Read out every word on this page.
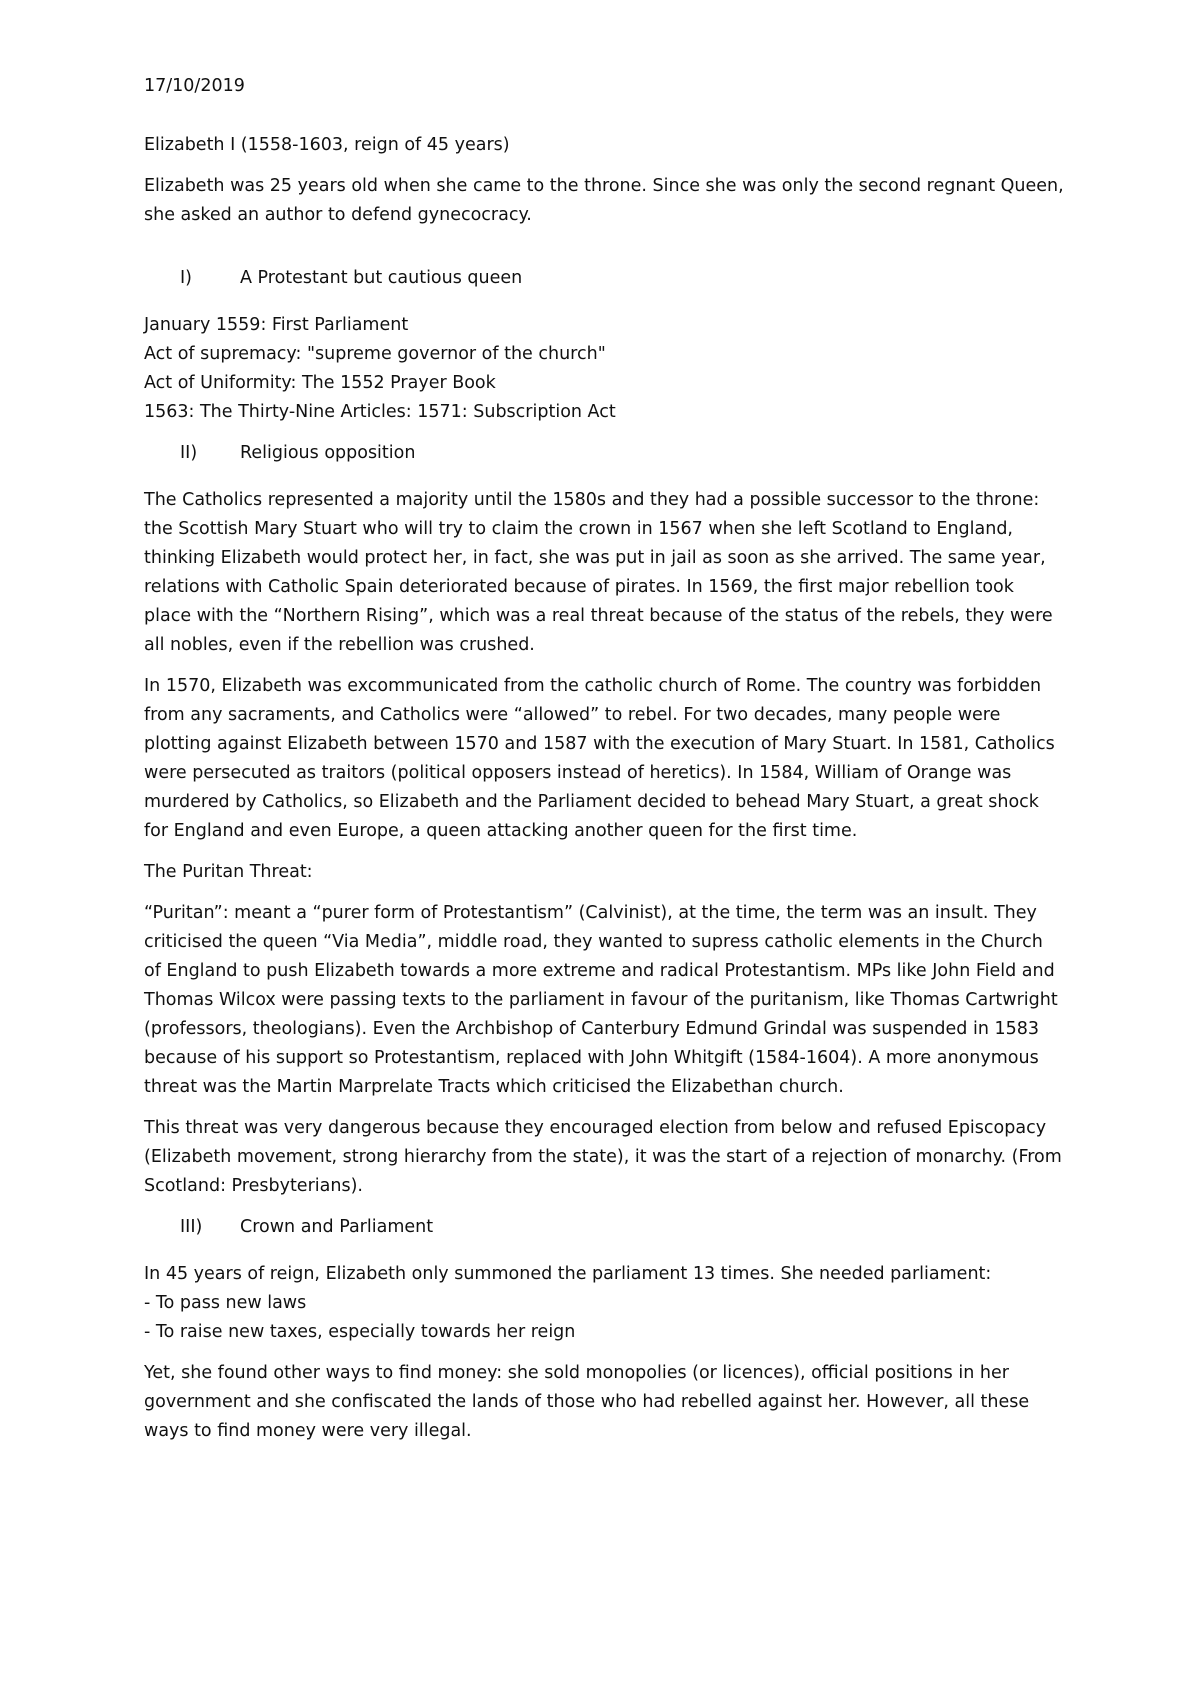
17/10/2019
Elizabeth I (1558-1603, reign of 45 years)

Elizabeth was 25 years old when she came to the throne. Since she was only the second regnant Queen, she asked an author to defend gynecocracy.

I)	A Protestant but cautious queen
January 1559: First Parliament
Act of supremacy: "supreme governor of the church"
Act of Uniformity: The 1552 Prayer Book
1563: The Thirty-Nine Articles: 1571: Subscription Act
II)	Religious opposition

The Catholics represented a majority until the 1580s and they had a possible successor to the throne: the Scottish Mary Stuart who will try to claim the crown in 1567 when she left Scotland to England, thinking Elizabeth would protect her, in fact, she was put in jail as soon as she arrived. The same year, relations with Catholic Spain deteriorated because of pirates. In 1569, the first major rebellion took place with the “Northern Rising”, which was a real threat because of the status of the rebels, they were all nobles, even if the rebellion was crushed.

In 1570, Elizabeth was excommunicated from the catholic church of Rome. The country was forbidden from any sacraments, and Catholics were “allowed” to rebel. For two decades, many people were plotting against Elizabeth between 1570 and 1587 with the execution of Mary Stuart. In 1581, Catholics were persecuted as traitors (political opposers instead of heretics). In 1584, William of Orange was murdered by Catholics, so Elizabeth and the Parliament decided to behead Mary Stuart, a great shock for England and even Europe, a queen attacking another queen for the first time.

The Puritan Threat:

“Puritan”: meant a “purer form of Protestantism” (Calvinist), at the time, the term was an insult. They criticised the queen “Via Media”, middle road, they wanted to supress catholic elements in the Church of England to push Elizabeth towards a more extreme and radical Protestantism. MPs like John Field and Thomas Wilcox were passing texts to the parliament in favour of the puritanism, like Thomas Cartwright (professors, theologians). Even the Archbishop of Canterbury Edmund Grindal was suspended in 1583 because of his support so Protestantism, replaced with John Whitgift (1584-1604). A more anonymous threat was the Martin Marprelate Tracts which criticised the Elizabethan church.

This threat was very dangerous because they encouraged election from below and refused Episcopacy (Elizabeth movement, strong hierarchy from the state), it was the start of a rejection of monarchy. (From Scotland: Presbyterians).

III)	Crown and Parliament
In 45 years of reign, Elizabeth only summoned the parliament 13 times. She needed parliament:
- To pass new laws
- To raise new taxes, especially towards her reign

Yet, she found other ways to find money: she sold monopolies (or licences), official positions in her government and she confiscated the lands of those who had rebelled against her. However, all these ways to find money were very illegal.
